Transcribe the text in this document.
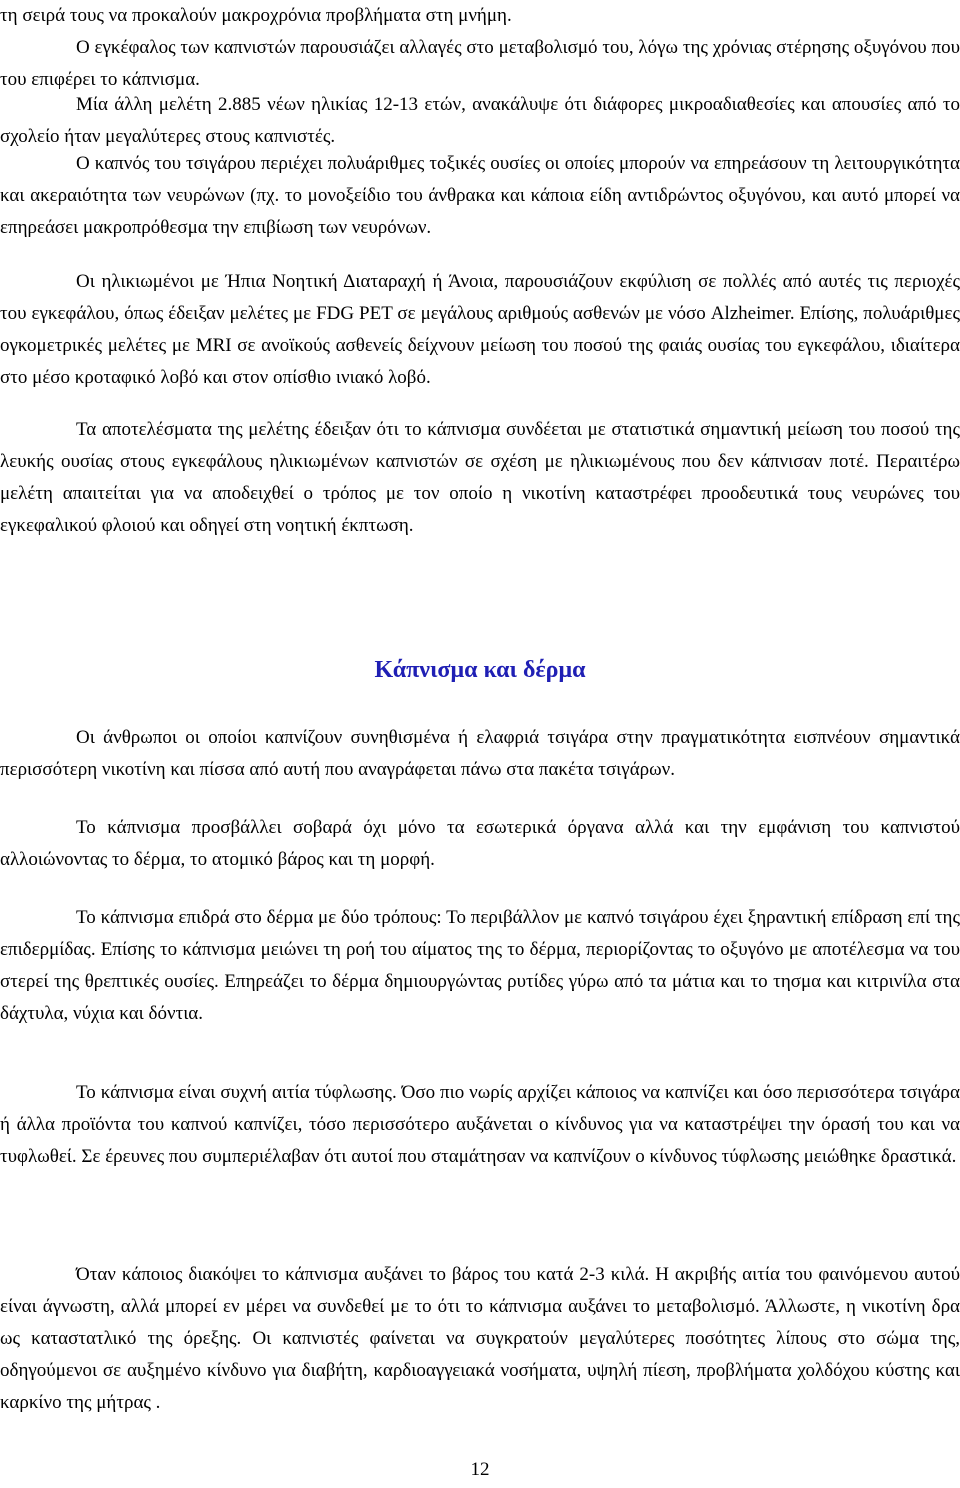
τη σειρά τους να προκαλούν μακροχρόνια προβλήματα στη μνήμη.

Ο εγκέφαλος των καπνιστών παρουσιάζει αλλαγές στο μεταβολισμό του, λόγω της χρόνιας στέρησης οξυγόνου που του επιφέρει το κάπνισμα.

Μία άλλη μελέτη 2.885 νέων ηλικίας 12-13 ετών, ανακάλυψε ότι διάφορες μικροαδιαθεσίες και απουσίες από το σχολείο ήταν μεγαλύτερες στους καπνιστές.

Ο καπνός του τσιγάρου περιέχει πολυάριθμες τοξικές ουσίες οι οποίες μπορούν να επηρεάσουν τη λειτουργικότητα και ακεραιότητα των νευρώνων (πχ. το μονοξείδιο του άνθρακα και κάποια είδη αντιδρώντος οξυγόνου, και αυτό μπορεί να επηρεάσει μακροπρόθεσμα την επιβίωση των νευρόνων.

Οι ηλικιωμένοι με Ήπια Νοητική Διαταραχή ή Άνοια, παρουσιάζουν εκφύλιση σε πολλές από αυτές τις περιοχές του εγκεφάλου, όπως έδειξαν μελέτες με FDG PET σε μεγάλους αριθμούς ασθενών με νόσο Alzheimer. Επίσης, πολυάριθμες ογκομετρικές μελέτες με MRI σε ανοϊκούς ασθενείς δείχνουν μείωση του ποσού της φαιάς ουσίας του εγκεφάλου, ιδιαίτερα στο μέσο κροταφικό λοβό και στον οπίσθιο ινιακό λοβό.

Τα αποτελέσματα της μελέτης έδειξαν ότι το κάπνισμα συνδέεται με στατιστικά σημαντική μείωση του ποσού της λευκής ουσίας στους εγκεφάλους ηλικιωμένων καπνιστών σε σχέση με ηλικιωμένους που δεν κάπνισαν ποτέ. Περαιτέρω μελέτη απαιτείται για να αποδειχθεί ο τρόπος με τον οποίο η νικοτίνη καταστρέφει προοδευτικά τους νευρώνες του εγκεφαλικού φλοιού και οδηγεί στη νοητική έκπτωση.

Κάπνισμα και δέρμα

Οι άνθρωποι οι οποίοι καπνίζουν συνηθισμένα ή ελαφριά τσιγάρα στην πραγματικότητα εισπνέουν σημαντικά περισσότερη νικοτίνη και πίσσα από αυτή που αναγράφεται πάνω στα πακέτα τσιγάρων.

Το κάπνισμα προσβάλλει σοβαρά όχι μόνο τα εσωτερικά όργανα αλλά και την εμφάνιση του καπνιστού αλλοιώνοντας το δέρμα, το ατομικό βάρος και τη μορφή.

Το κάπνισμα επιδρά στο δέρμα με δύο τρόπους: Το περιβάλλον με καπνό τσιγάρου έχει ξηραντική επίδραση επί της επιδερμίδας. Επίσης το κάπνισμα μειώνει τη ροή του αίματος της το δέρμα, περιορίζοντας το οξυγόνο με αποτέλεσμα να του στερεί της θρεπτικές ουσίες. Επηρεάζει το δέρμα δημιουργώντας ρυτίδες γύρω από τα μάτια και το τησμα και κιτρινίλα στα δάχτυλα, νύχια και δόντια.

Το κάπνισμα είναι συχνή αιτία τύφλωσης. Όσο πιο νωρίς αρχίζει κάποιος να καπνίζει και όσο περισσότερα τσιγάρα ή άλλα προϊόντα του καπνού καπνίζει, τόσο περισσότερο αυξάνεται ο κίνδυνος για να καταστρέψει την όρασή του και να τυφλωθεί. Σε έρευνες που συμπεριέλαβαν ότι αυτοί που σταμάτησαν να καπνίζουν ο κίνδυνος τύφλωσης μειώθηκε δραστικά.

Όταν κάποιος διακόψει το κάπνισμα αυξάνει το βάρος του κατά 2-3 κιλά. Η ακριβής αιτία του φαινόμενου αυτού είναι άγνωστη, αλλά μπορεί εν μέρει να συνδεθεί με το ότι το κάπνισμα αυξάνει το μεταβολισμό. Άλλωστε, η νικοτίνη δρα ως καταστατλικό της όρεξης. Οι καπνιστές φαίνεται να συγκρατούν μεγαλύτερες ποσότητες λίπους στο σώμα της, οδηγούμενοι σε αυξημένο κίνδυνο για διαβήτη, καρδιοαγγειακά νοσήματα, υψηλή πίεση, προβλήματα χολδόχου κύστης και καρκίνο της μήτρας .

12
